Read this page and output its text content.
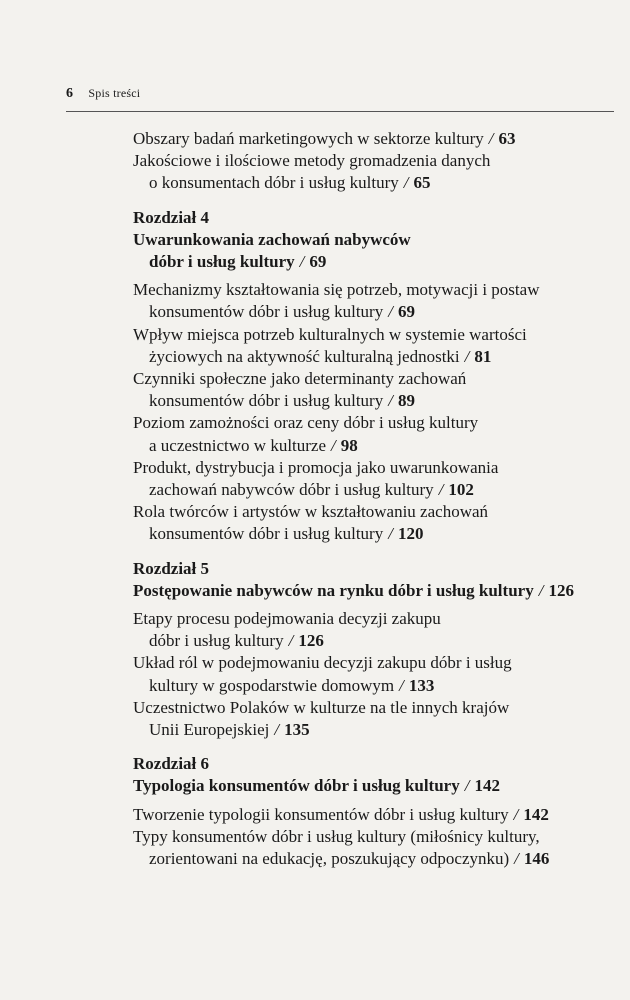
6 Spis treści
Obszary badań marketingowych w sektorze kultury / 63
Jakościowe i ilościowe metody gromadzenia danych
o konsumentach dóbr i usług kultury / 65
Rozdział 4
Uwarunkowania zachowań nabywców
dóbr i usług kultury / 69
Mechanizmy kształtowania się potrzeb, motywacji i postaw
konsumentów dóbr i usług kultury / 69
Wpływ miejsca potrzeb kulturalnych w systemie wartości
życiowych na aktywność kulturalną jednostki / 81
Czynniki społeczne jako determinanty zachowań
konsumentów dóbr i usług kultury / 89
Poziom zamożności oraz ceny dóbr i usług kultury
a uczestnictwo w kulturze / 98
Produkt, dystrybucja i promocja jako uwarunkowania
zachowań nabywców dóbr i usług kultury / 102
Rola twórców i artystów w kształtowaniu zachowań
konsumentów dóbr i usług kultury / 120
Rozdział 5
Postępowanie nabywców na rynku dóbr i usług kultury / 126
Etapy procesu podejmowania decyzji zakupu
dóbr i usług kultury / 126
Układ ról w podejmowaniu decyzji zakupu dóbr i usług
kultury w gospodarstwie domowym / 133
Uczestnictwo Polaków w kulturze na tle innych krajów
Unii Europejskiej / 135
Rozdział 6
Typologia konsumentów dóbr i usług kultury / 142
Tworzenie typologii konsumentów dóbr i usług kultury / 142
Typy konsumentów dóbr i usług kultury (miłośnicy kultury,
zorientowani na edukację, poszukujący odpoczynku) / 146
